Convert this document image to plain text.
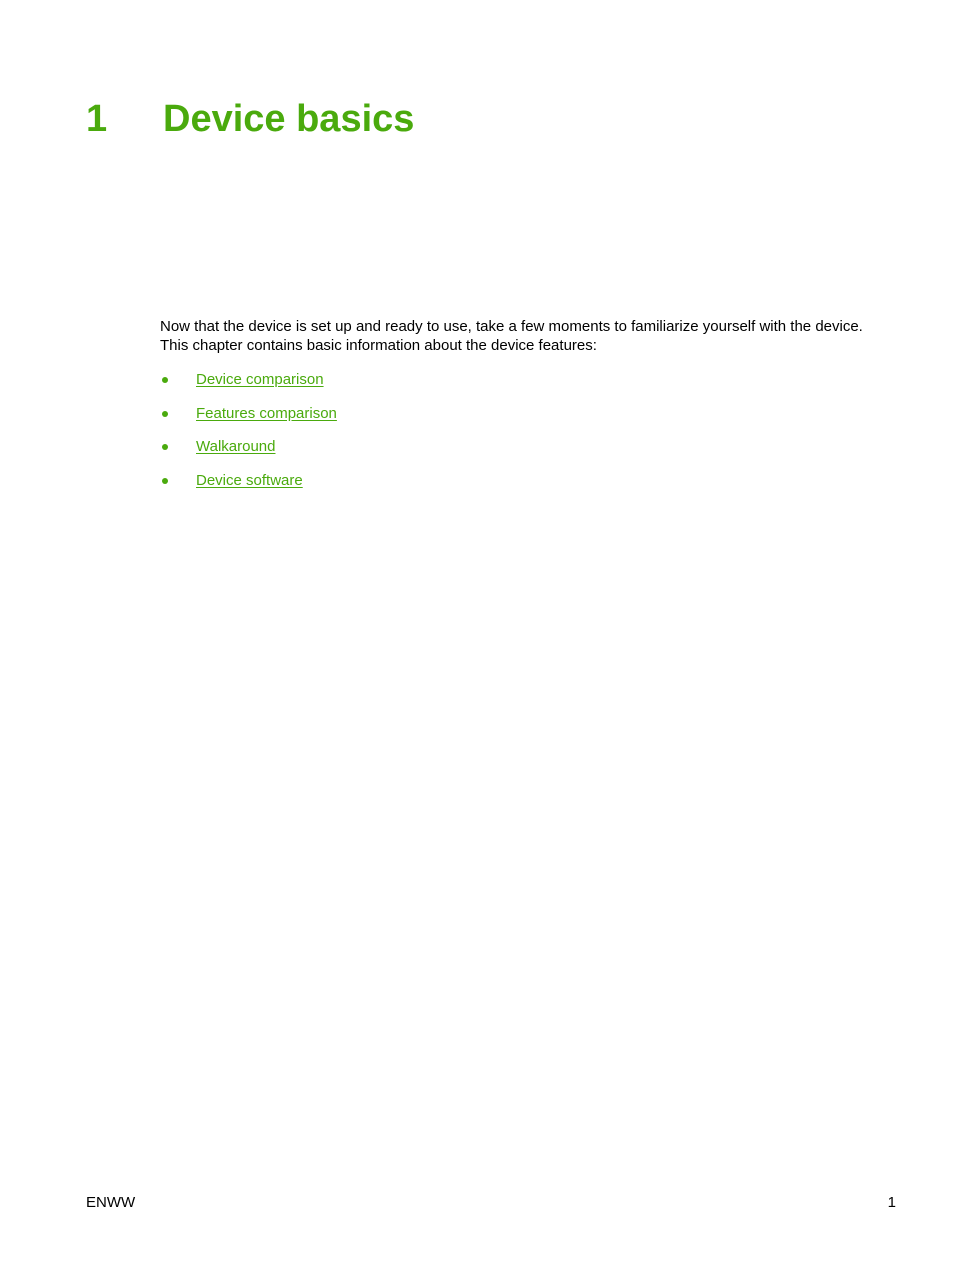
1 Device basics

Now that the device is set up and ready to use, take a few moments to familiarize yourself with the device. This chapter contains basic information about the device features:

Device comparison
Features comparison
Walkaround
Device software
ENWW	1
